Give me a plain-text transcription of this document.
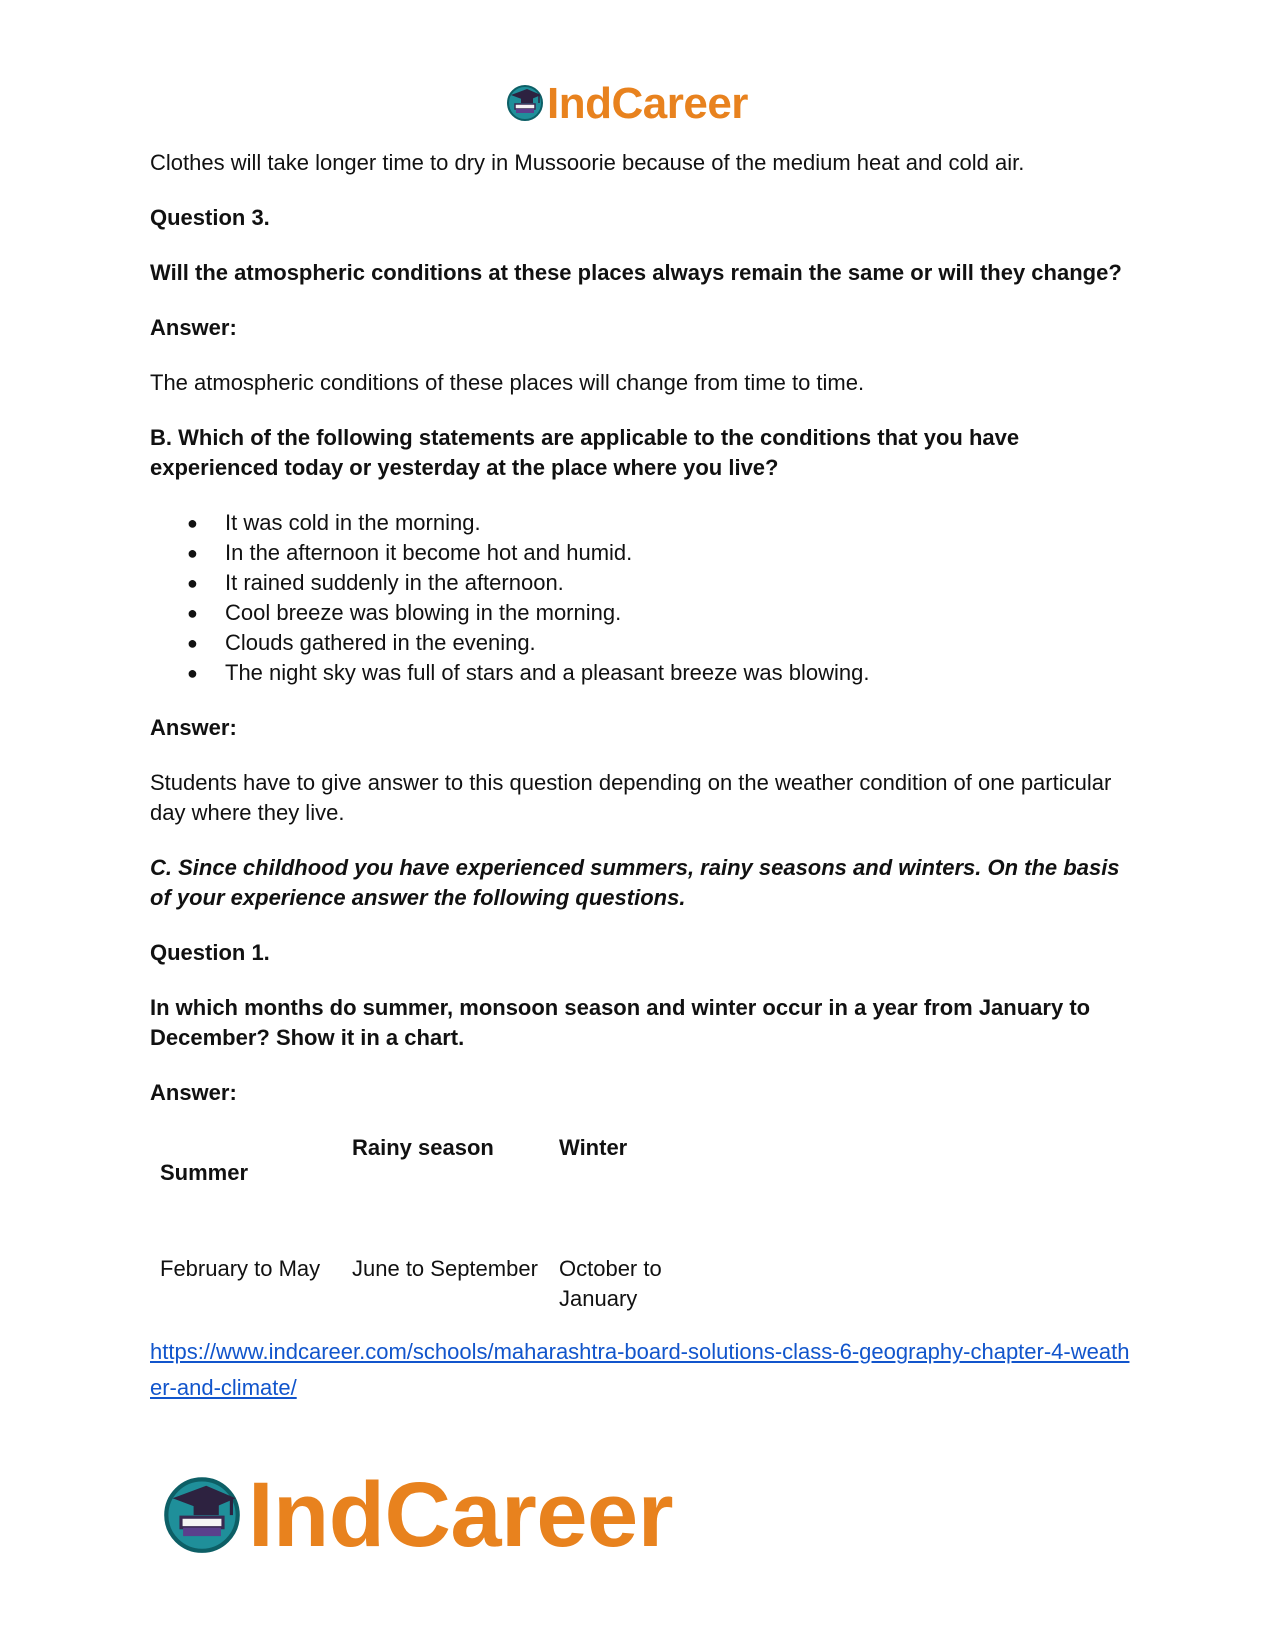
IndCareer

Clothes will take longer time to dry in Mussoorie because of the medium heat and cold air.

Question 3.

Will the atmospheric conditions at these places always remain the same or will they change?

Answer:

The atmospheric conditions of these places will change from time to time.

B. Which of the following statements are applicable to the conditions that you have experienced today or yesterday at the place where you live?

● It was cold in the morning.
● In the afternoon it become hot and humid.
● It rained suddenly in the afternoon.
● Cool breeze was blowing in the morning.
● Clouds gathered in the evening.
● The night sky was full of stars and a pleasant breeze was blowing.

Answer:

Students have to give answer to this question depending on the weather condition of one particular day where they live.

C. Since childhood you have experienced summers, rainy seasons and winters. On the basis of your experience answer the following questions.

Question 1.

In which months do summer, monsoon season and winter occur in a year from January to December? Show it in a chart.

Answer:

Summer	Rainy season	Winter
February to May	June to September	October to January
https://www.indcareer.com/schools/maharashtra-board-solutions-class-6-geography-chapter-4-weather-and-climate/
IndCareer
